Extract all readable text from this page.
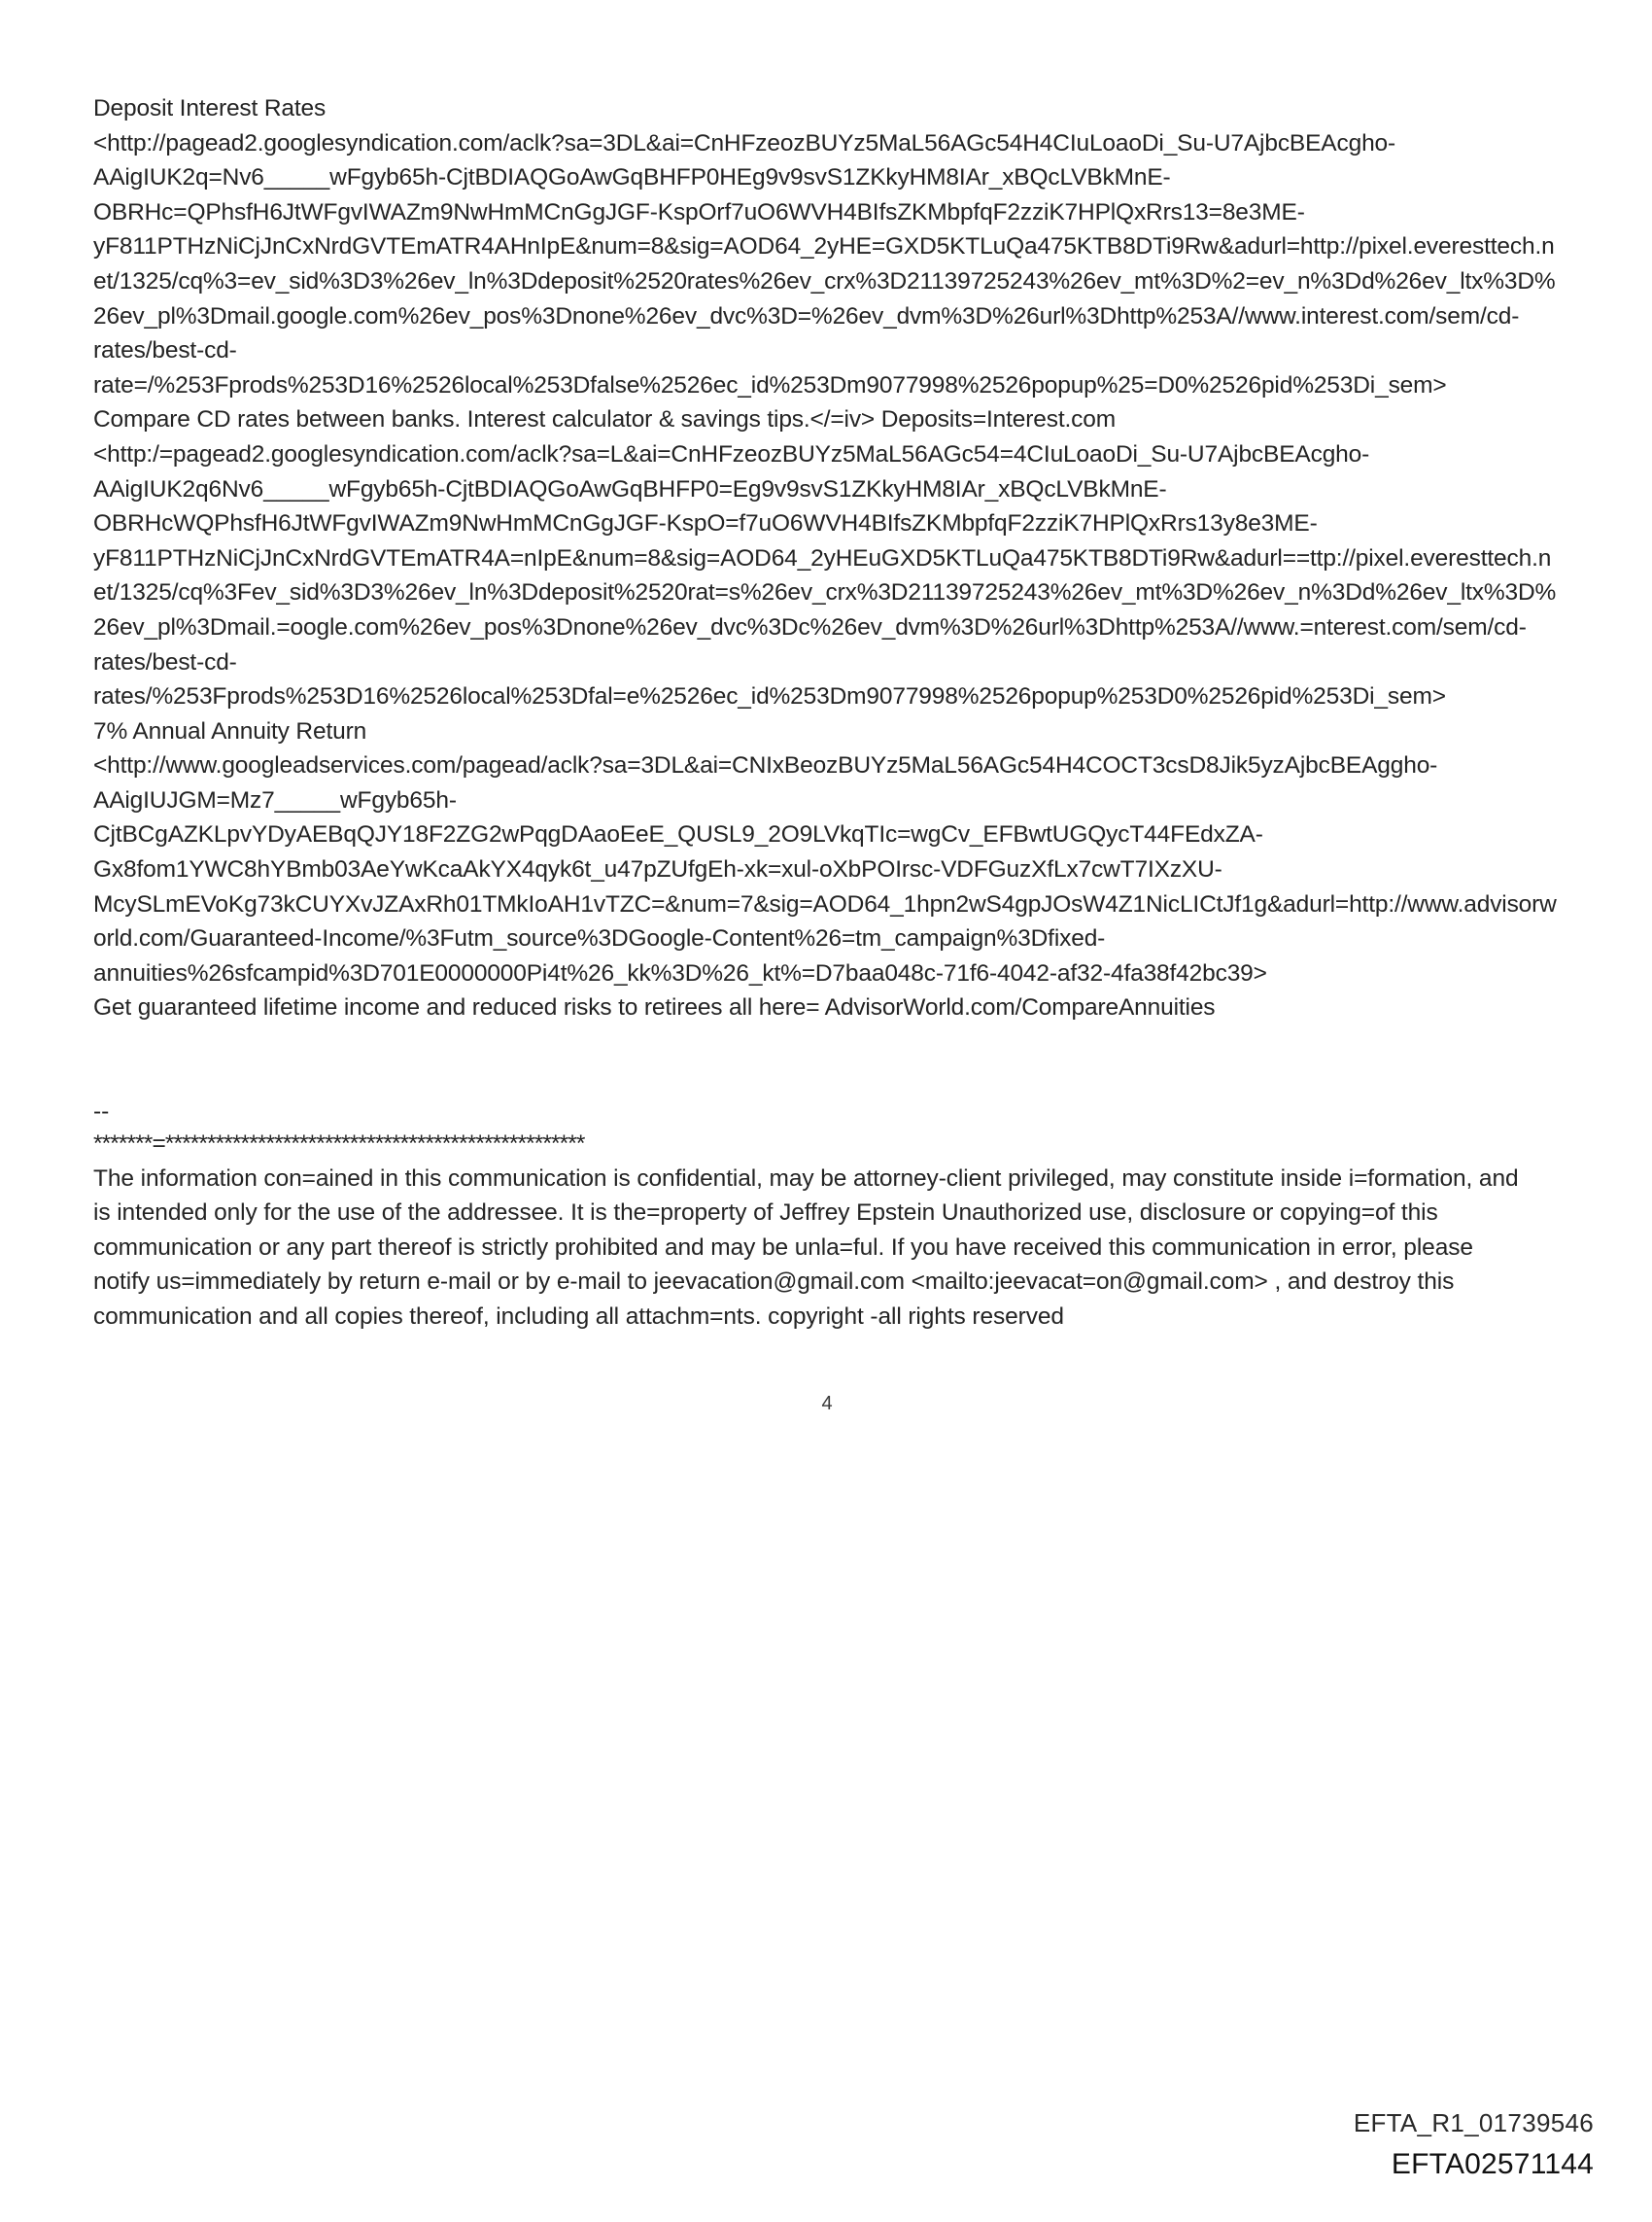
Deposit Interest Rates

<http://pagead2.googlesyndication.com/aclk?sa=3DL&ai=CnHFzeozBUYz5MaL56AGc54H4CIuLoaoDi_Su-U7AjbcBEAcgho-AAigIUK2q=Nv6_____wFgyb65h-CjtBDIAQGoAwGqBHFP0HEg9v9svS1ZKkyHM8IAr_xBQcLVBkMnE-OBRHc=QPhsfH6JtWFgvIWAZm9NwHmMCnGgJGF-KspOrf7uO6WVH4BIfsZKMbpfqF2zziK7HPlQxRrs13=8e3ME-yF811PTHzNiCjJnCxNrdGVTEmATR4AHnIpE&num=8&sig=AOD64_2yHE=GXD5KTLuQa475KTB8DTi9Rw&adurl=http://pixel.everesttech.net/1325/cq%3=ev_sid%3D3%26ev_ln%3Ddeposit%2520rates%26ev_crx%3D21139725243%26ev_mt%3D%2=ev_n%3Dd%26ev_ltx%3D%26ev_pl%3Dmail.google.com%26ev_pos%3Dnone%26ev_dvc%3D=%26ev_dvm%3D%26url%3Dhttp%253A//www.interest.com/sem/cd-rates/best-cd-rate=/%253Fprods%253D16%2526local%253Dfalse%2526ec_id%253Dm9077998%2526popup%25=D0%2526pid%253Di_sem>

Compare CD rates between banks. Interest calculator & savings tips.</=iv> Deposits=Interest.com

<http:/=pagead2.googlesyndication.com/aclk?sa=L&ai=CnHFzeozBUYz5MaL56AGc54=4CIuLoaoDi_Su-U7AjbcBEAcgho-AAigIUK2q6Nv6_____wFgyb65h-CjtBDIAQGoAwGqBHFP0=Eg9v9svS1ZKkyHM8IAr_xBQcLVBkMnE-OBRHcWQPhsfH6JtWFgvIWAZm9NwHmMCnGgJGF-KspO=f7uO6WVH4BIfsZKMbpfqF2zziK7HPlQxRrs13y8e3ME-yF811PTHzNiCjJnCxNrdGVTEmATR4A=nIpE&num=8&sig=AOD64_2yHEuGXD5KTLuQa475KTB8DTi9Rw&adurl==ttp://pixel.everesttech.net/1325/cq%3Fev_sid%3D3%26ev_ln%3Ddeposit%2520rat=s%26ev_crx%3D21139725243%26ev_mt%3D%26ev_n%3Dd%26ev_ltx%3D%26ev_pl%3Dmail.=oogle.com%26ev_pos%3Dnone%26ev_dvc%3Dc%26ev_dvm%3D%26url%3Dhttp%253A//www.=nterest.com/sem/cd-rates/best-cd-rates/%253Fprods%253D16%2526local%253Dfal=e%2526ec_id%253Dm9077998%2526popup%253D0%2526pid%253Di_sem>

7% Annual Annuity Return

<http://www.googleadservices.com/pagead/aclk?sa=3DL&ai=CNIxBeozBUYz5MaL56AGc54H4COCT3csD8Jik5yzAjbcBEAggho-AAigIUJGM=Mz7_____wFgyb65h-CjtBCgAZKLpvYDyAEBqQJY18F2ZG2wPqgDAaoEeE_QUSL9_2O9LVkqTIc=wgCv_EFBwtUGQycT44FEdxZA-Gx8fom1YWC8hYBmb03AeYwKcaAkYX4qyk6t_u47pZUfgEh-xk=xul-oXbPOIrsc-VDFGuzXfLx7cwT7IXzXU-McySLmEVoKg73kCUYXvJZAxRh01TMkIoAH1vTZC=&num=7&sig=AOD64_1hpn2wS4gpJOsW4Z1NicLICtJf1g&adurl=http://www.advisorworld.com/Guaranteed-Income/%3Futm_source%3DGoogle-Content%26=tm_campaign%3Dfixed-annuities%26sfcampid%3D701E0000000Pi4t%26_kk%3D%26_kt%=D7baa048c-71f6-4042-af32-4fa38f42bc39>

Get guaranteed lifetime income and reduced risks to retirees all here= AdvisorWorld.com/CompareAnnuities

--

*******=**************************************************

The information con=ained in this communication is confidential, may be attorney-client privileged, may constitute inside i=formation, and is intended only for the use of the addressee. It is the=property of Jeffrey Epstein Unauthorized use, disclosure or copying=of this communication or any part thereof is strictly prohibited and may be unla=ful. If you have received this communication in error, please notify us=immediately by return e-mail or by e-mail to jeevacation@gmail.com <mailto:jeevacat=on@gmail.com> , and destroy this communication and all copies thereof, including all attachm=nts. copyright -all rights reserved

4
EFTA_R1_01739546
EFTA02571144
